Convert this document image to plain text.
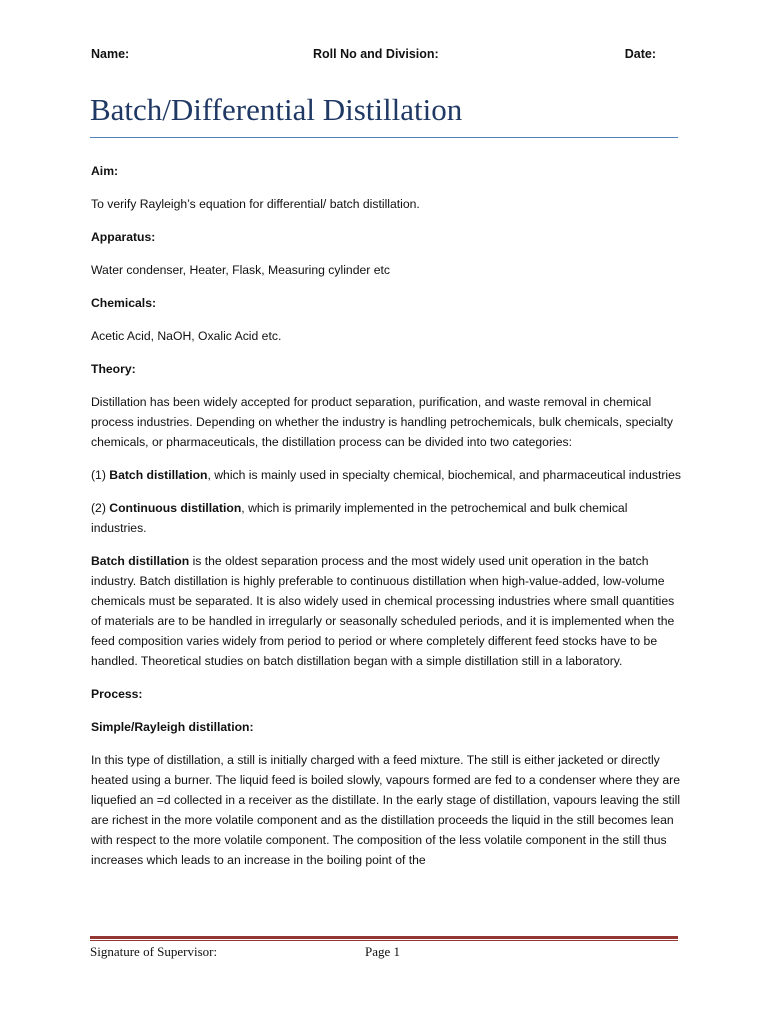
Name:	Roll No and Division:	Date:
Batch/Differential Distillation

Aim:

To verify Rayleigh’s equation for differential/ batch distillation.

Apparatus:

Water condenser, Heater, Flask, Measuring cylinder etc

Chemicals:

Acetic Acid, NaOH, Oxalic Acid etc.

Theory:

Distillation has been widely accepted for product separation, purification, and waste removal in chemical process industries. Depending on whether the industry is handling petrochemicals, bulk chemicals, specialty chemicals, or pharmaceuticals, the distillation process can be divided into two categories:

(1) Batch distillation, which is mainly used in specialty chemical, biochemical, and pharmaceutical industries

(2) Continuous distillation, which is primarily implemented in the petrochemical and bulk chemical industries.

Batch distillation is the oldest separation process and the most widely used unit operation in the batch industry. Batch distillation is highly preferable to continuous distillation when high-value-added, low-volume chemicals must be separated. It is also widely used in chemical processing industries where small quantities of materials are to be handled in irregularly or seasonally scheduled periods, and it is implemented when the feed composition varies widely from period to period or where completely different feed stocks have to be handled. Theoretical studies on batch distillation began with a simple distillation still in a laboratory.

Process:

Simple/Rayleigh distillation:

In this type of distillation, a still is initially charged with a feed mixture. The still is either jacketed or directly heated using a burner. The liquid feed is boiled slowly, vapours formed are fed to a condenser where they are liquefied an =d collected in a receiver as the distillate. In the early stage of distillation, vapours leaving the still are richest in the more volatile component and as the distillation proceeds the liquid in the still becomes lean with respect to the more volatile component. The composition of the less volatile component in the still thus increases which leads to an increase in the boiling point of the

Signature of Supervisor:	Page 1
